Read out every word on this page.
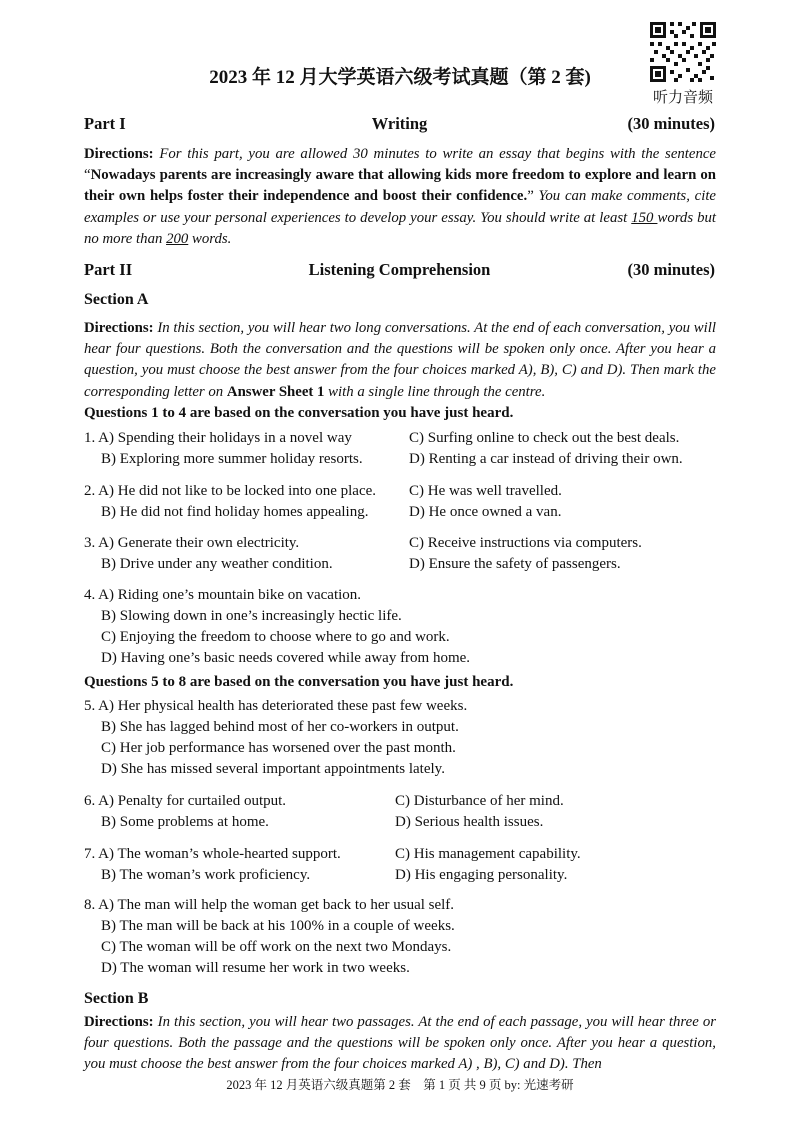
2023 年 12 月大学英语六级考试真题（第 2 套)
听力音频
Part I	Writing	(30 minutes)
Directions: For this part, you are allowed 30 minutes to write an essay that begins with the sentence “Nowadays parents are increasingly aware that allowing kids more freedom to explore and learn on their own helps foster their independence and boost their confidence.” You can make comments, cite examples or use your personal experiences to develop your essay. You should write at least 150 words but no more than 200 words.
Part II	Listening Comprehension	(30 minutes)
Section A
Directions: In this section, you will hear two long conversations. At the end of each conversation, you will hear four questions. Both the conversation and the questions will be spoken only once. After you hear a question, you must choose the best answer from the four choices marked A), B), C) and D). Then mark the corresponding letter on Answer Sheet 1 with a single line through the centre.
Questions 1 to 4 are based on the conversation you have just heard.
1. A) Spending their holidays in a novel way	C) Surfing online to check out the best deals.
B) Exploring more summer holiday resorts.	D) Renting a car instead of driving their own.
2. A) He did not like to be locked into one place. C) He was well travelled.
B) He did not find holiday homes appealing.	D) He once owned a van.
3. A) Generate their own electricity.	C) Receive instructions via computers.
B) Drive under any weather condition.	D) Ensure the safety of passengers.
4. A) Riding one’s mountain bike on vacation.
B) Slowing down in one’s increasingly hectic life.
C) Enjoying the freedom to choose where to go and work.
D) Having one’s basic needs covered while away from home.
Questions 5 to 8 are based on the conversation you have just heard.
5. A) Her physical health has deteriorated these past few weeks.
B) She has lagged behind most of her co-workers in output.
C) Her job performance has worsened over the past month.
D) She has missed several important appointments lately.
6. A) Penalty for curtailed output.	C) Disturbance of her mind.
B) Some problems at home.	D) Serious health issues.
7. A) The woman’s whole-hearted support.	C) His management capability.
B) The woman’s work proficiency.	D) His engaging personality.
8. A) The man will help the woman get back to her usual self.
B) The man will be back at his 100% in a couple of weeks.
C) The woman will be off work on the next two Mondays.
D) The woman will resume her work in two weeks.
Section B
Directions: In this section, you will hear two passages. At the end of each passage, you will hear three or four questions. Both the passage and the questions will be spoken only once. After you hear a question, you must choose the best answer from the four choices marked A) , B), C) and D). Then
2023 年 12 月英语六级真题第 2 套　第 1 页 共 9 页 by: 光速考研
